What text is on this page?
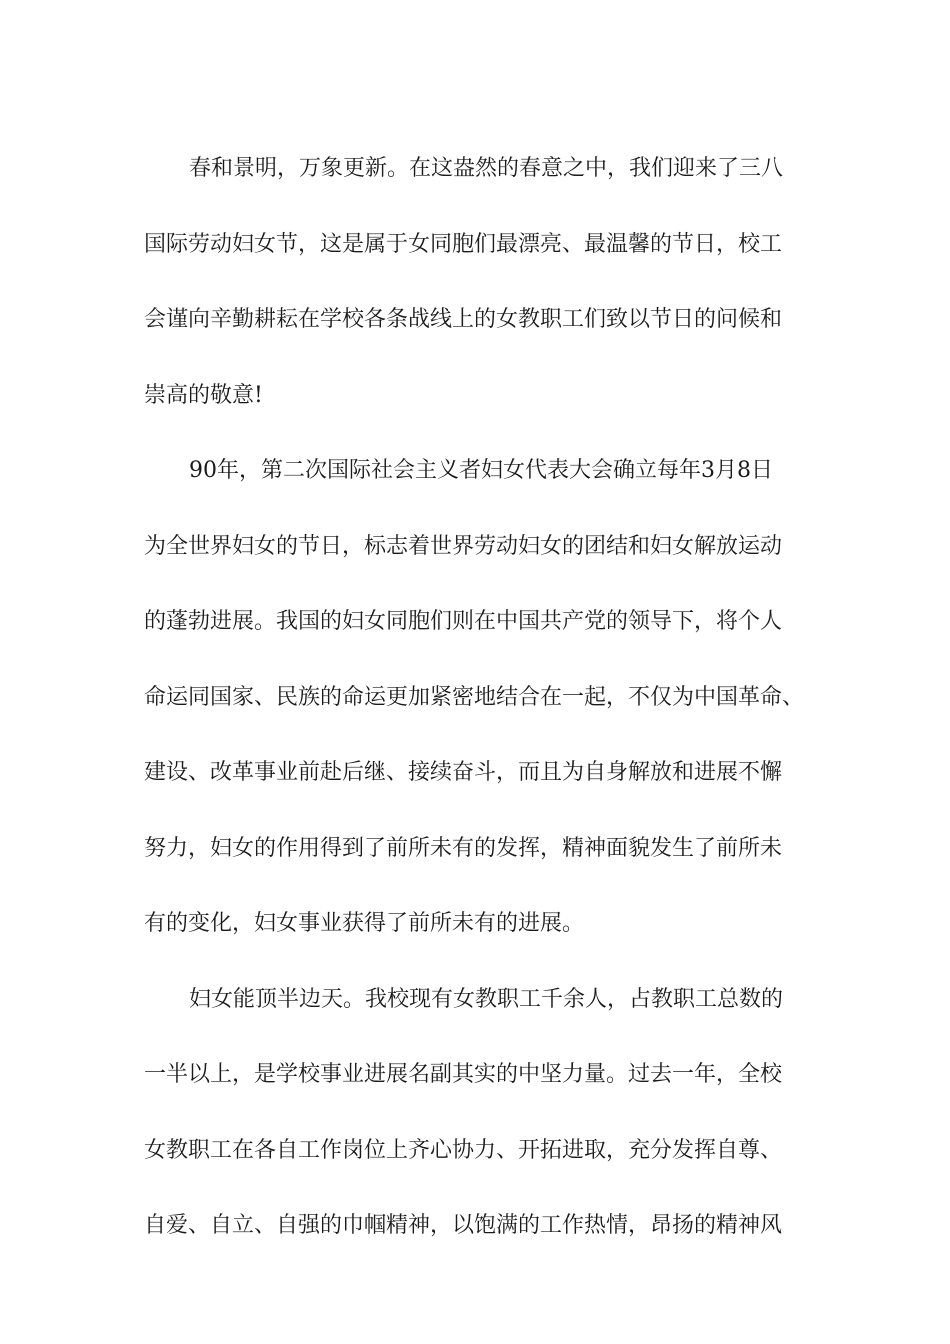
春和景明，万象更新。在这盎然的春意之中，我们迎来了三八
国际劳动妇女节，这是属于女同胞们最漂亮、最温馨的节日，校工
会谨向辛勤耕耘在学校各条战线上的女教职工们致以节日的问候和
崇高的敬意!
90年，第二次国际社会主义者妇女代表大会确立每年3月8日
为全世界妇女的节日，标志着世界劳动妇女的团结和妇女解放运动
的蓬勃进展。我国的妇女同胞们则在中国共产党的领导下，将个人
命运同国家、民族的命运更加紧密地结合在一起，不仅为中国革命、
建设、改革事业前赴后继、接续奋斗，而且为自身解放和进展不懈
努力，妇女的作用得到了前所未有的发挥，精神面貌发生了前所未
有的变化，妇女事业获得了前所未有的进展。
妇女能顶半边天。我校现有女教职工千余人，占教职工总数的
一半以上，是学校事业进展名副其实的中坚力量。过去一年，全校
女教职工在各自工作岗位上齐心协力、开拓进取，充分发挥自尊、
自爱、自立、自强的巾帼精神，以饱满的工作热情，昂扬的精神风
